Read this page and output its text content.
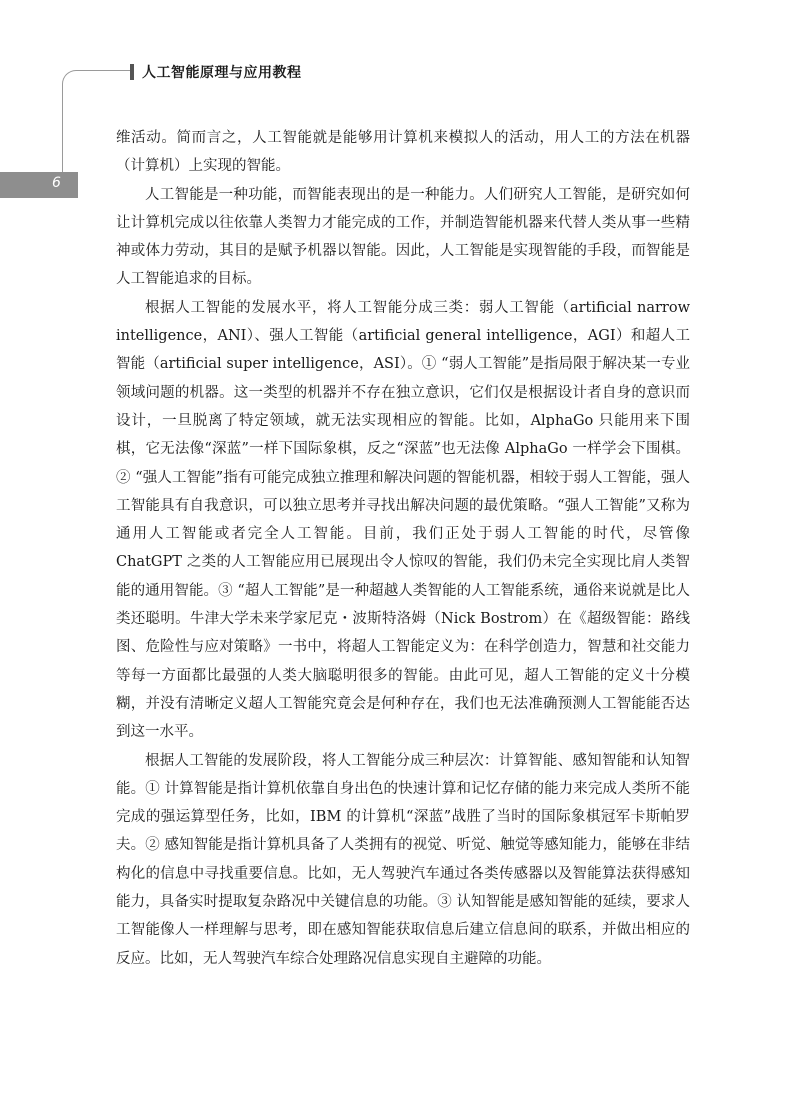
人工智能原理与应用教程
6

维活动。简而言之，人工智能就是能够用计算机来模拟人的活动，用人工的方法在机器（计算机）上实现的智能。

人工智能是一种功能，而智能表现出的是一种能力。人们研究人工智能，是研究如何让计算机完成以往依靠人类智力才能完成的工作，并制造智能机器来代替人类从事一些精神或体力劳动，其目的是赋予机器以智能。因此，人工智能是实现智能的手段，而智能是人工智能追求的目标。

根据人工智能的发展水平，将人工智能分成三类：弱人工智能（artificial narrow intelligence，ANI）、强人工智能（artificial general intelligence，AGI）和超人工智能（artificial super intelligence，ASI）。① “弱人工智能”是指局限于解决某一专业领域问题的机器。这一类型的机器并不存在独立意识，它们仅是根据设计者自身的意识而设计，一旦脱离了特定领域，就无法实现相应的智能。比如，AlphaGo 只能用来下围棋，它无法像“深蓝”一样下国际象棋，反之“深蓝”也无法像 AlphaGo 一样学会下围棋。② “强人工智能”指有可能完成独立推理和解决问题的智能机器，相较于弱人工智能，强人工智能具有自我意识，可以独立思考并寻找出解决问题的最优策略。“强人工智能”又称为通用人工智能或者完全人工智能。目前，我们正处于弱人工智能的时代，尽管像 ChatGPT 之类的人工智能应用已展现出令人惊叹的智能，我们仍未完全实现比肩人类智能的通用智能。③ “超人工智能”是一种超越人类智能的人工智能系统，通俗来说就是比人类还聪明。牛津大学未来学家尼克・波斯特洛姆（Nick Bostrom）在《超级智能：路线图、危险性与应对策略》一书中，将超人工智能定义为：在科学创造力，智慧和社交能力等每一方面都比最强的人类大脑聪明很多的智能。由此可见，超人工智能的定义十分模糊，并没有清晰定义超人工智能究竟会是何种存在，我们也无法准确预测人工智能能否达到这一水平。

根据人工智能的发展阶段，将人工智能分成三种层次：计算智能、感知智能和认知智能。① 计算智能是指计算机依靠自身出色的快速计算和记忆存储的能力来完成人类所不能完成的强运算型任务，比如，IBM 的计算机“深蓝”战胜了当时的国际象棋冠军卡斯帕罗夫。② 感知智能是指计算机具备了人类拥有的视觉、听觉、触觉等感知能力，能够在非结构化的信息中寻找重要信息。比如，无人驾驶汽车通过各类传感器以及智能算法获得感知能力，具备实时提取复杂路况中关键信息的功能。③ 认知智能是感知智能的延续，要求人工智能像人一样理解与思考，即在感知智能获取信息后建立信息间的联系，并做出相应的反应。比如，无人驾驶汽车综合处理路况信息实现自主避障的功能。
